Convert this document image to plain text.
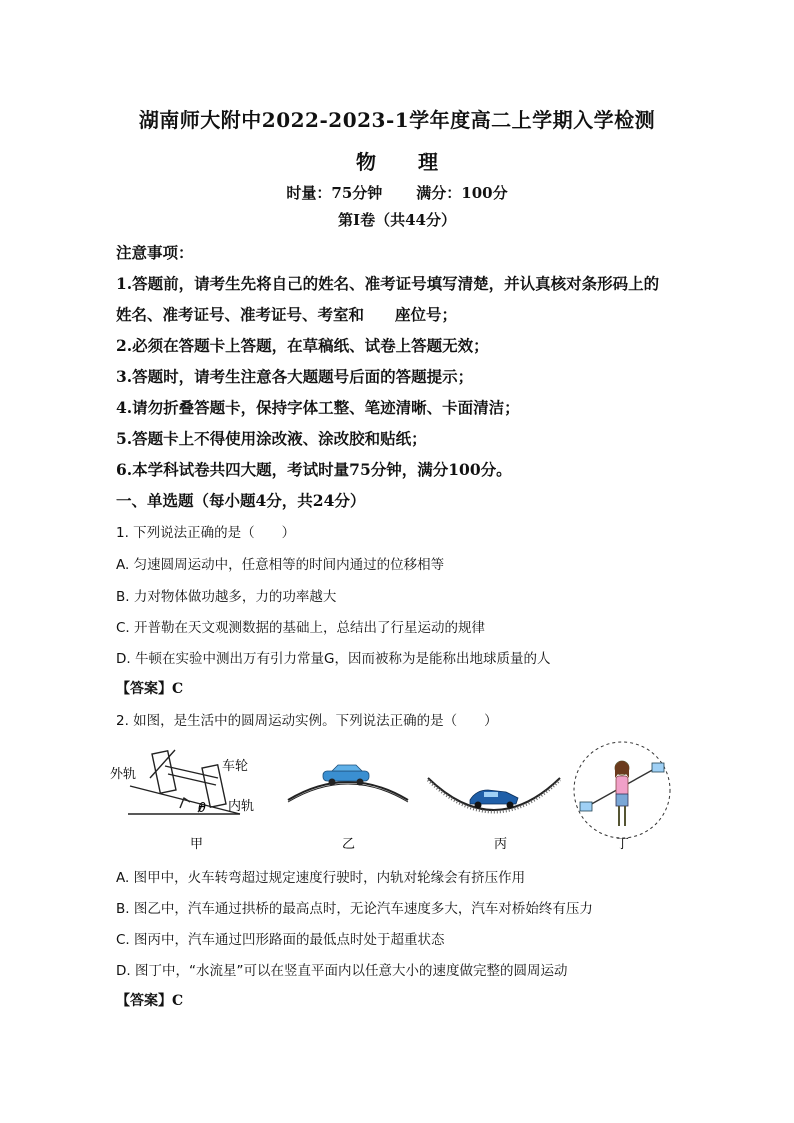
湖南师大附中2022-2023-1学年度高二上学期入学检测
物 理
时量：75分钟 满分：100分
第Ⅰ卷（共44分）
注意事项：
1.答题前，请考生先将自己的姓名、准考证号填写清楚，并认真核对条形码上的
姓名、准考证号、准考证号、考室和　　座位号；
2.必须在答题卡上答题，在草稿纸、试卷上答题无效；
3.答题时，请考生注意各大题题号后面的答题提示；
4.请勿折叠答题卡，保持字体工整、笔迹清晰、卡面清洁；
5.答题卡上不得使用涂改液、涂改胶和贴纸；
6.本学科试卷共四大题，考试时量75分钟，满分100分。
一、单选题（每小题4分，共24分）
1. 下列说法正确的是（　　）
A. 匀速圆周运动中，任意相等的时间内通过的位移相等
B. 力对物体做功越多，力的功率越大
C. 开普勒在天文观测数据的基础上，总结出了行星运动的规律
D. 牛顿在实验中测出万有引力常量G，因而被称为是能称出地球质量的人
【答案】C
2. 如图，是生活中的圆周运动实例。下列说法正确的是（　　）
外轨
车轮
内轨
θ
甲	乙	丙	丁
A. 图甲中，火车转弯超过规定速度行驶时，内轨对轮缘会有挤压作用
B. 图乙中，汽车通过拱桥的最高点时，无论汽车速度多大，汽车对桥始终有压力
C. 图丙中，汽车通过凹形路面的最低点时处于超重状态
D. 图丁中，“水流星”可以在竖直平面内以任意大小的速度做完整的圆周运动
【答案】C
